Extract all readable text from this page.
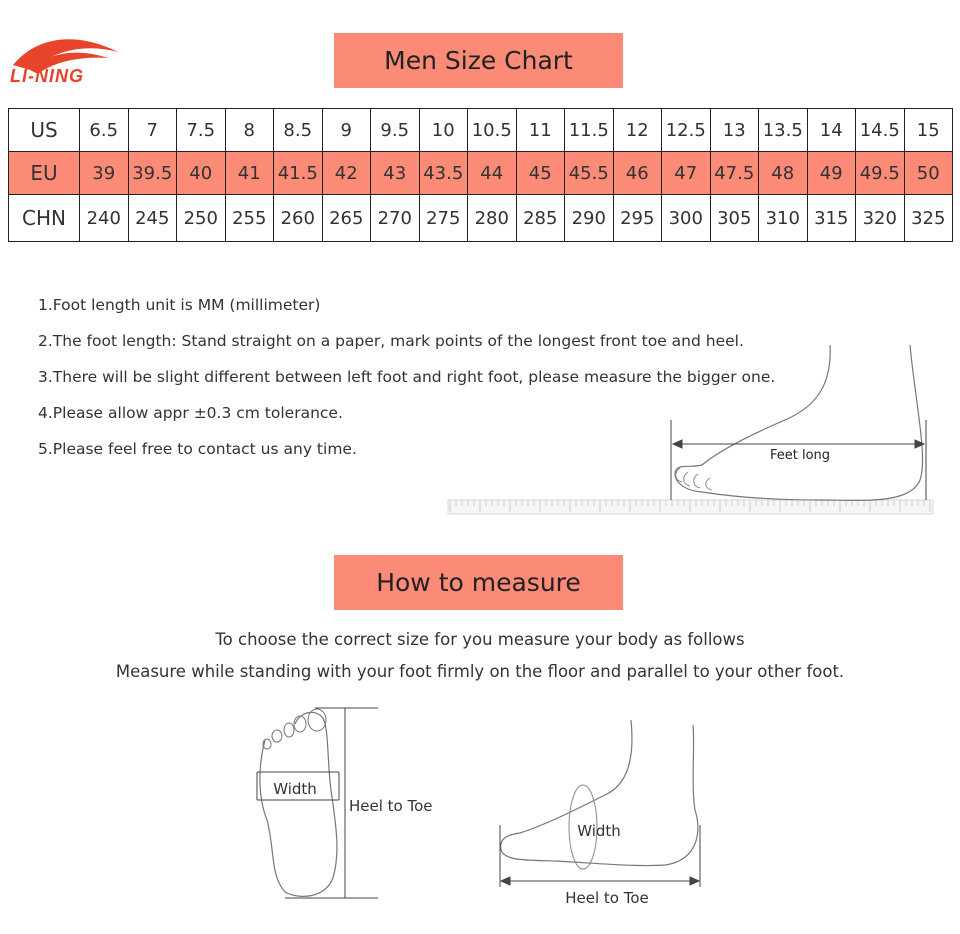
LI-NING
Men Size Chart
US	6.5	7	7.5	8	8.5	9	9.5	10	10.5	11	11.5	12	12.5	13	13.5	14	14.5	15
EU	39	39.5	40	41	41.5	42	43	43.5	44	45	45.5	46	47	47.5	48	49	49.5	50
CHN	240	245	250	255	260	265	270	275	280	285	290	295	300	305	310	315	320	325
1.Foot length unit is MM (millimeter)
2.The foot length: Stand straight on a paper, mark points of the longest front toe and heel.
3.There will be slight different between left foot and right foot, please measure the bigger one.
4.Please allow appr ±0.3 cm tolerance.
5.Please feel free to contact us any time.	Feet long
How to measure
To choose the correct size for you measure your body as follows
Measure while standing with your foot firmly on the floor and parallel to your other foot.
Width
Heel to Toe
Width
Heel to Toe
